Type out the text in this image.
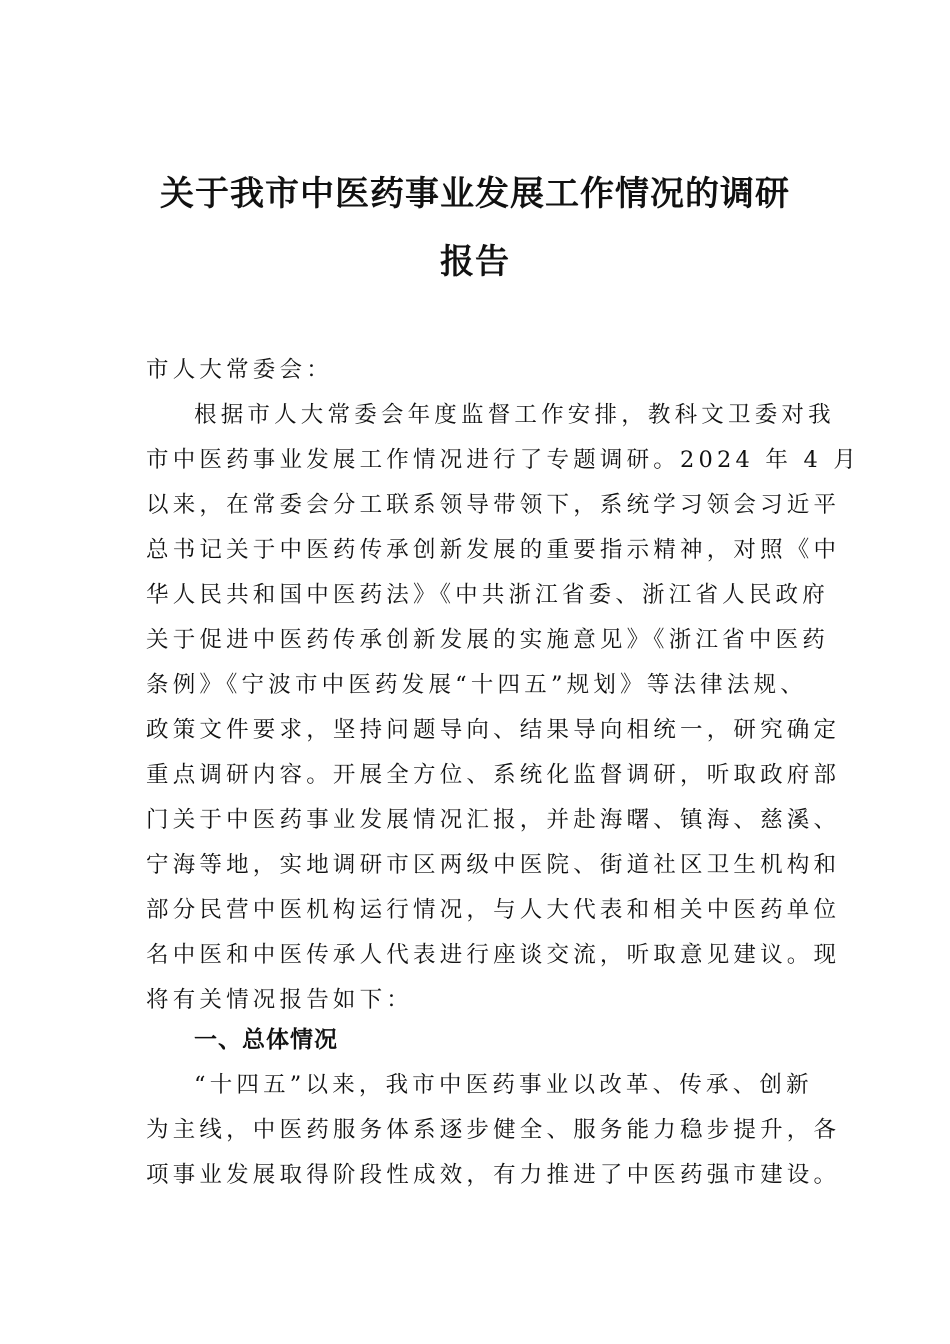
关于我市中医药事业发展工作情况的调研
报告

市人大常委会：

根据市人大常委会年度监督工作安排，教科文卫委对我

市中医药事业发展工作情况进行了专题调研。2024 年 4 月

以来，在常委会分工联系领导带领下，系统学习领会习近平

总书记关于中医药传承创新发展的重要指示精神，对照《中

华人民共和国中医药法》《中共浙江省委、浙江省人民政府

关于促进中医药传承创新发展的实施意见》《浙江省中医药

条例》《宁波市中医药发展“十四五”规划》等法律法规、

政策文件要求，坚持问题导向、结果导向相统一，研究确定

重点调研内容。开展全方位、系统化监督调研，听取政府部

门关于中医药事业发展情况汇报，并赴海曙、镇海、慈溪、

宁海等地，实地调研市区两级中医院、街道社区卫生机构和

部分民营中医机构运行情况，与人大代表和相关中医药单位

名中医和中医传承人代表进行座谈交流，听取意见建议。现

将有关情况报告如下：

一、总体情况

“十四五”以来，我市中医药事业以改革、传承、创新

为主线，中医药服务体系逐步健全、服务能力稳步提升，各

项事业发展取得阶段性成效，有力推进了中医药强市建设。
